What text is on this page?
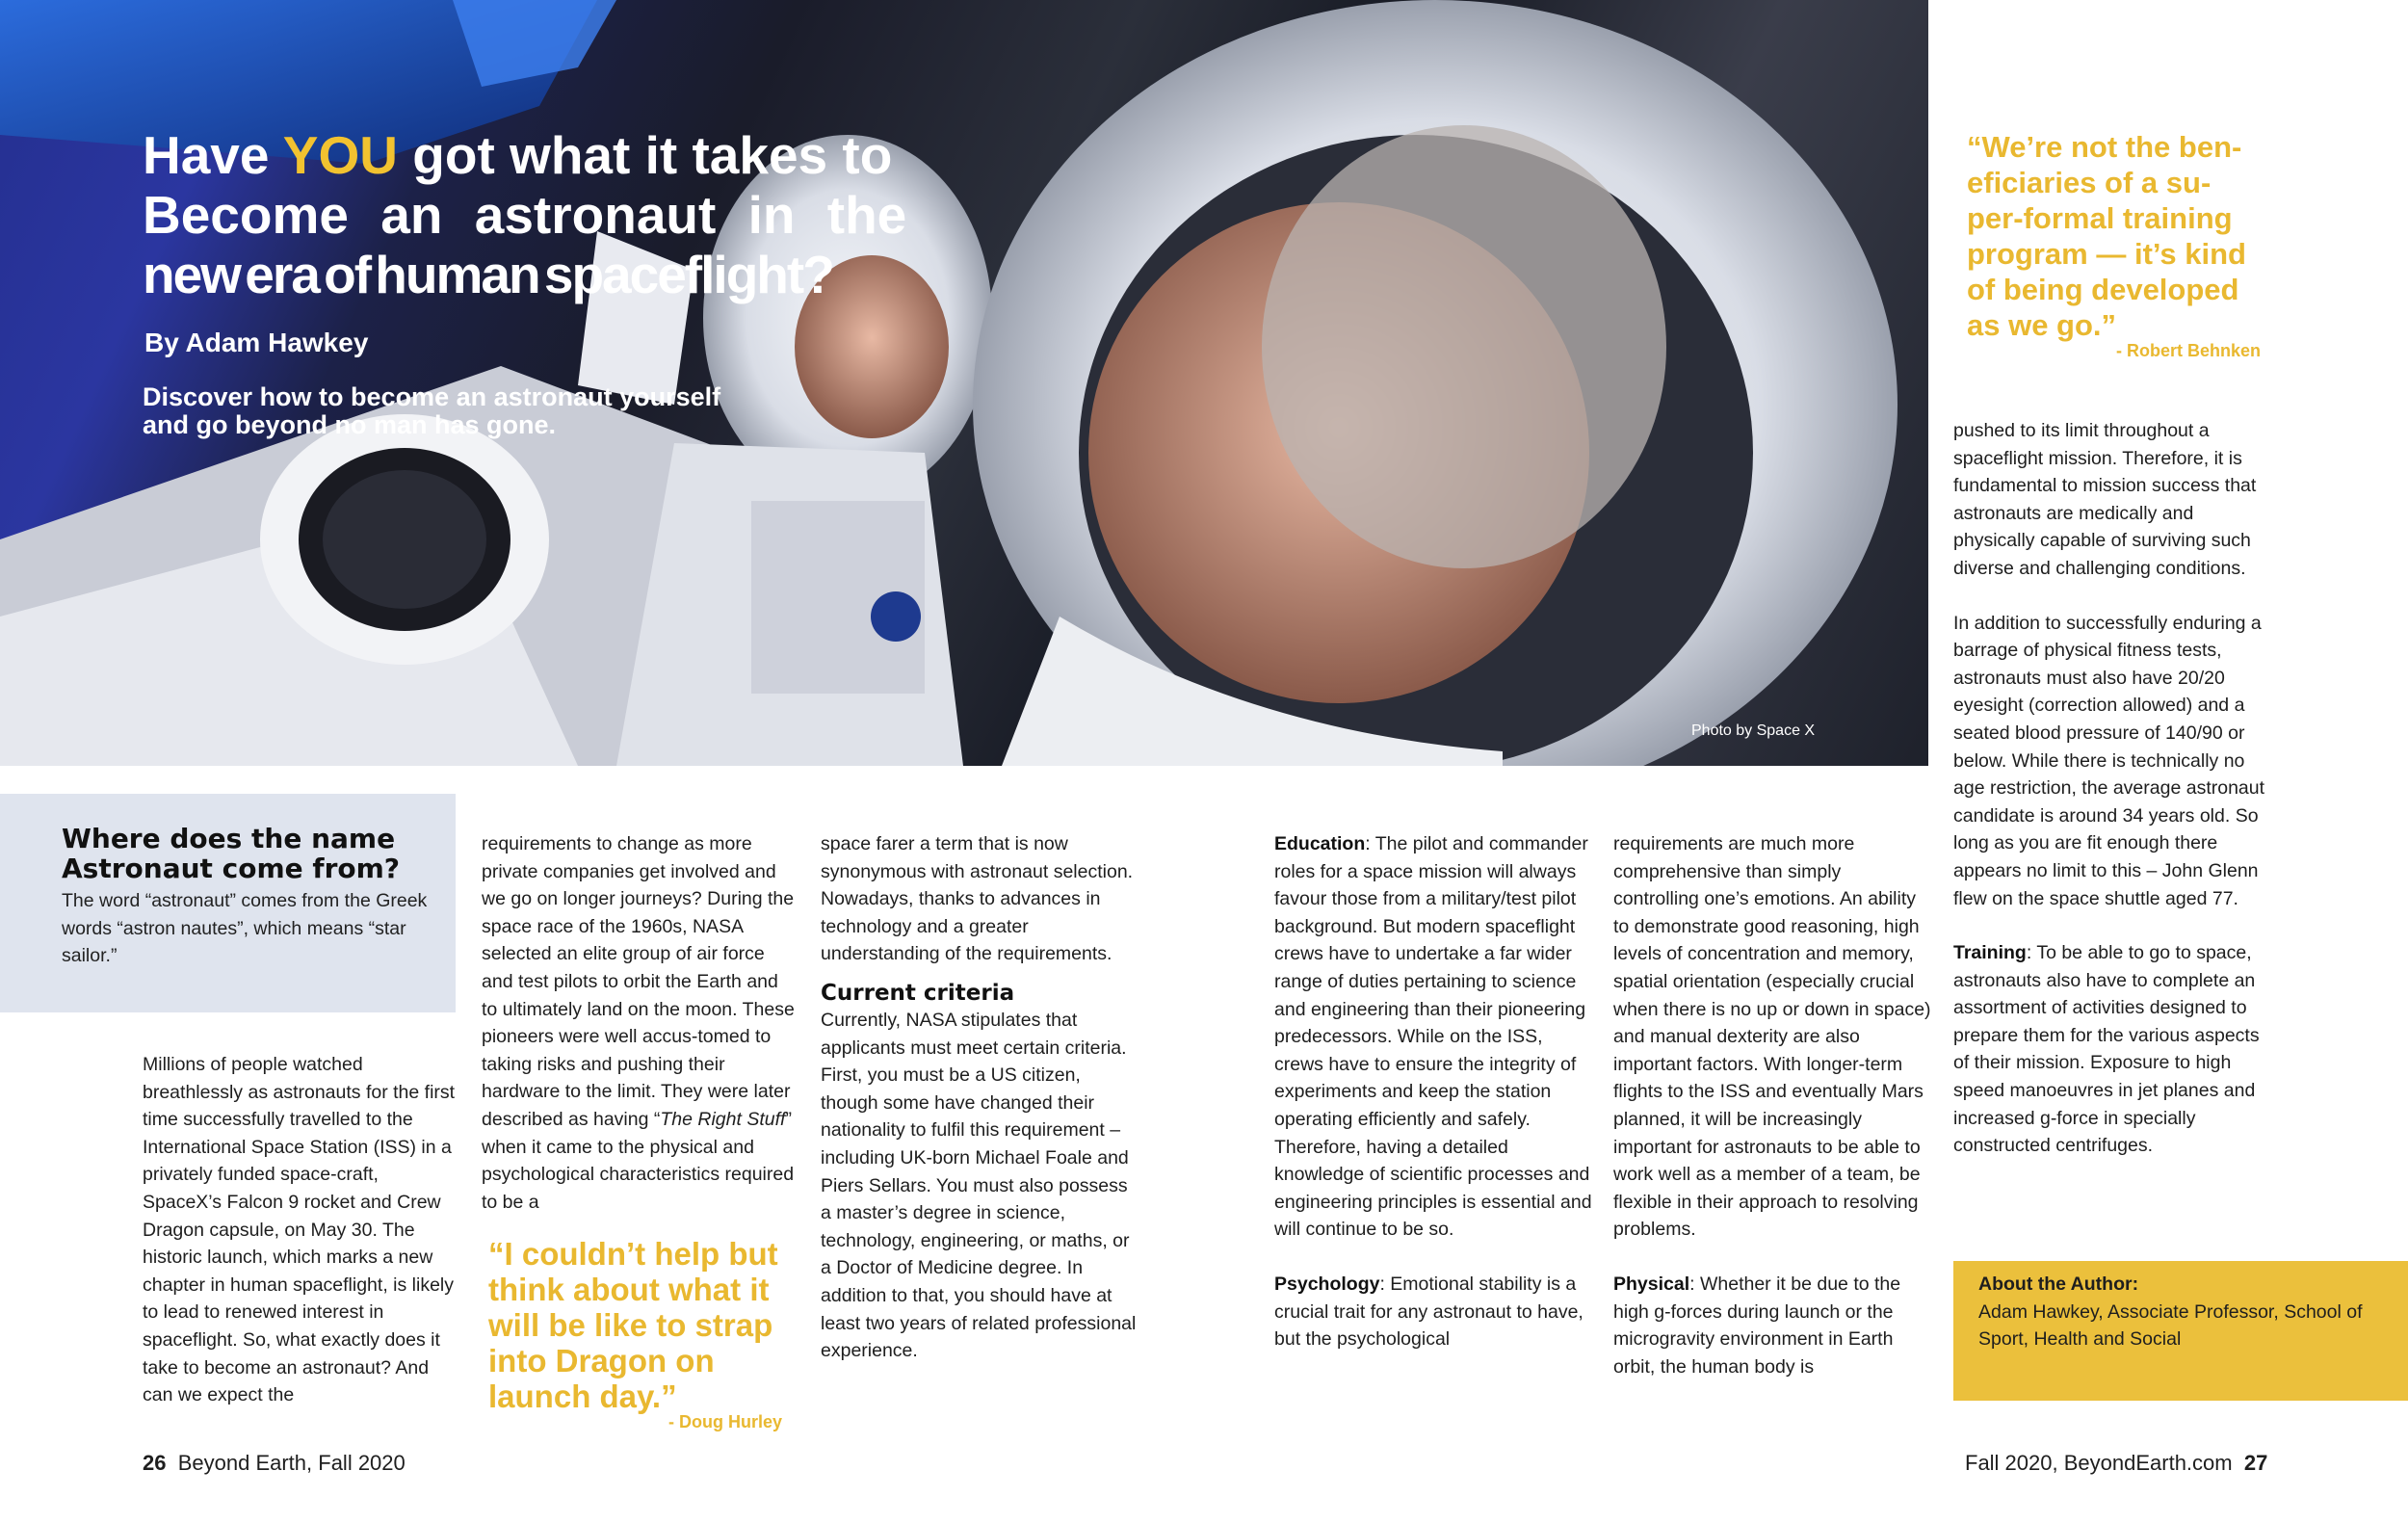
Have YOU got what it takes to
Become an astronaut in the
new era of human spaceflight?
By Adam Hawkey
Discover how to become an astronaut yourself
and go beyond no man has gone.
Photo by Space X
“We’re not the ben-eficiaries of a su-per-formal training program — it’s kind of being developed as we go.”
- Robert Behnken
Where does the name Astronaut come from?
The word “astronaut” comes from the Greek words “astron nautes”, which means “star sailor.”

Millions of people watched breathlessly as astronauts for the first time successfully travelled to the International Space Station (ISS) in a privately funded space-craft, SpaceX’s Falcon 9 rocket and Crew Dragon capsule, on May 30. The historic launch, which marks a new chapter in human spaceflight, is likely to lead to renewed interest in spaceflight. So, what exactly does it take to become an astronaut? And can we expect the

requirements to change as more private companies get involved and we go on longer journeys? During the space race of the 1960s, NASA selected an elite group of air force and test pilots to orbit the Earth and to ultimately land on the moon. These pioneers were well accus-tomed to taking risks and pushing their hardware to the limit. They were later described as having “The Right Stuff” when it came to the physical and psychological characteristics required to be a

“I couldn’t help but think about what it will be like to strap into Dragon on launch day.”
- Doug Hurley

space farer a term that is now synonymous with astronaut selection. Nowadays, thanks to advances in technology and a greater understanding of the requirements.

Current criteria

Currently, NASA stipulates that applicants must meet certain criteria. First, you must be a US citizen, though some have changed their nationality to fulfil this requirement – including UK-born Michael Foale and Piers Sellars. You must also possess a master’s degree in science, technology, engineering, or maths, or a Doctor of Medicine degree. In addition to that, you should have at least two years of related professional experience.

Education: The pilot and commander roles for a space mission will always favour those from a military/test pilot background. But modern spaceflight crews have to undertake a far wider range of duties pertaining to science and engineering than their pioneering predecessors. While on the ISS, crews have to ensure the integrity of experiments and keep the station operating efficiently and safely. Therefore, having a detailed knowledge of scientific processes and engineering principles is essential and will continue to be so.

Psychology: Emotional stability is a crucial trait for any astronaut to have, but the psychological

requirements are much more comprehensive than simply controlling one’s emotions. An ability to demonstrate good reasoning, high levels of concentration and memory, spatial orientation (especially crucial when there is no up or down in space) and manual dexterity are also important factors. With longer-term flights to the ISS and eventually Mars planned, it will be increasingly important for astronauts to be able to work well as a member of a team, be flexible in their approach to resolving problems.

Physical: Whether it be due to the high g-forces during launch or the microgravity environment in Earth orbit, the human body is

pushed to its limit throughout a spaceflight mission. Therefore, it is fundamental to mission success that astronauts are medically and physically capable of surviving such diverse and challenging conditions.

In addition to successfully enduring a barrage of physical fitness tests, astronauts must also have 20/20 eyesight (correction allowed) and a seated blood pressure of 140/90 or below. While there is technically no age restriction, the average astronaut candidate is around 34 years old. So long as you are fit enough there appears no limit to this – John Glenn flew on the space shuttle aged 77.

Training: To be able to go to space, astronauts also have to complete an assortment of activities designed to prepare them for the various aspects of their mission. Exposure to high speed manoeuvres in jet planes and increased g-force in specially constructed centrifuges.

About the Author:
Adam Hawkey, Associate Professor, School of Sport, Health and Social
26 Beyond Earth, Fall 2020	Fall 2020, BeyondEarth.com 27
